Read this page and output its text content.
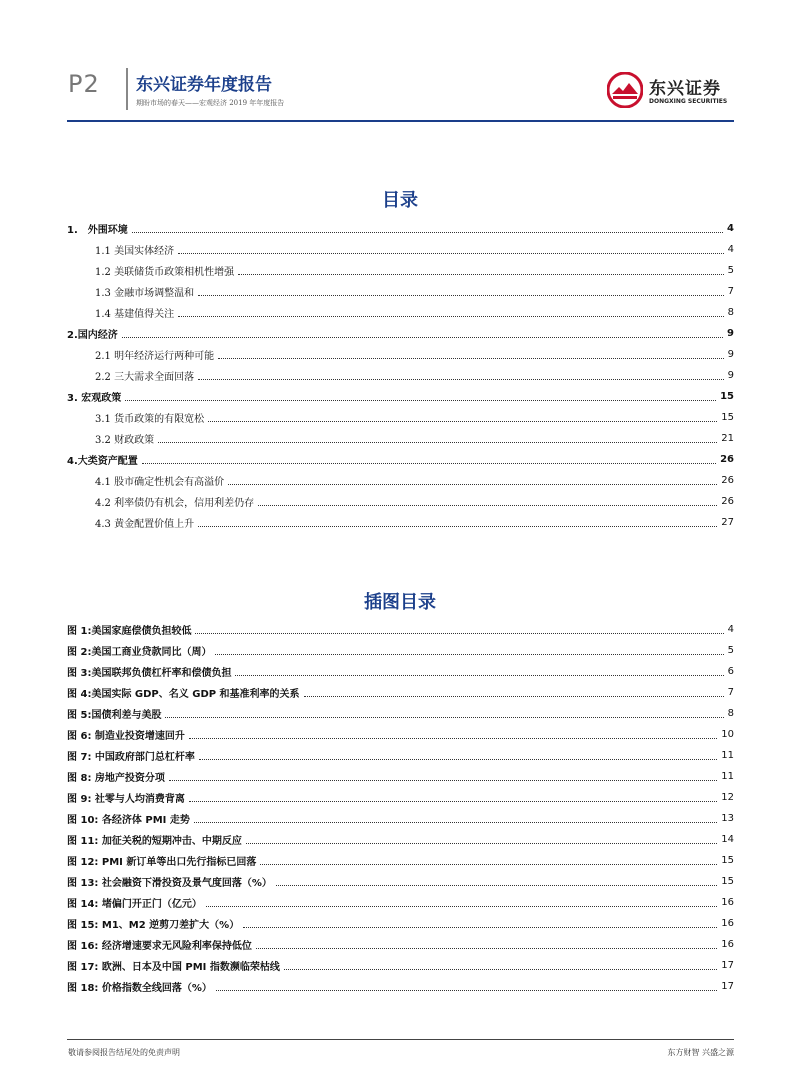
P2 东兴证券年度报告
期盼市场的春天——宏观经济 2019 年年度报告
东兴证券
DONGXING SECURITIES
目录
1.　外围环境	4
1.1 美国实体经济	4
1.2 美联储货币政策相机性增强	5
1.3 金融市场调整温和	7
1.4 基建值得关注	8
2.国内经济	9
2.1 明年经济运行两种可能	9
2.2 三大需求全面回落	9
3. 宏观政策	15
3.1 货币政策的有限宽松	15
3.2 财政政策	21
4.大类资产配置	26
4.1 股市确定性机会有高溢价	26
4.2 利率债仍有机会，信用利差仍存	26
4.3 黄金配置价值上升	27
插图目录
图 1:美国家庭偿债负担较低	4
图 2:美国工商业贷款同比（周）	5
图 3:美国联邦负债杠杆率和偿债负担	6
图 4:美国实际 GDP、名义 GDP 和基准利率的关系	7
图 5:国债利差与美股	8
图 6: 制造业投资增速回升	10
图 7: 中国政府部门总杠杆率	11
图 8: 房地产投资分项	11
图 9: 社零与人均消费背离	12
图 10: 各经济体 PMI 走势	13
图 11: 加征关税的短期冲击、中期反应	14
图 12: PMI 新订单等出口先行指标已回落	15
图 13: 社会融资下滑投资及景气度回落（%）	15
图 14: 堵偏门开正门（亿元）	16
图 15: M1、M2 逆剪刀差扩大（%）	16
图 16: 经济增速要求无风险利率保持低位	16
图 17: 欧洲、日本及中国 PMI 指数濒临荣枯线	17
图 18: 价格指数全线回落（%）	17
敬请参阅报告结尾处的免责声明	东方财智 兴盛之源
